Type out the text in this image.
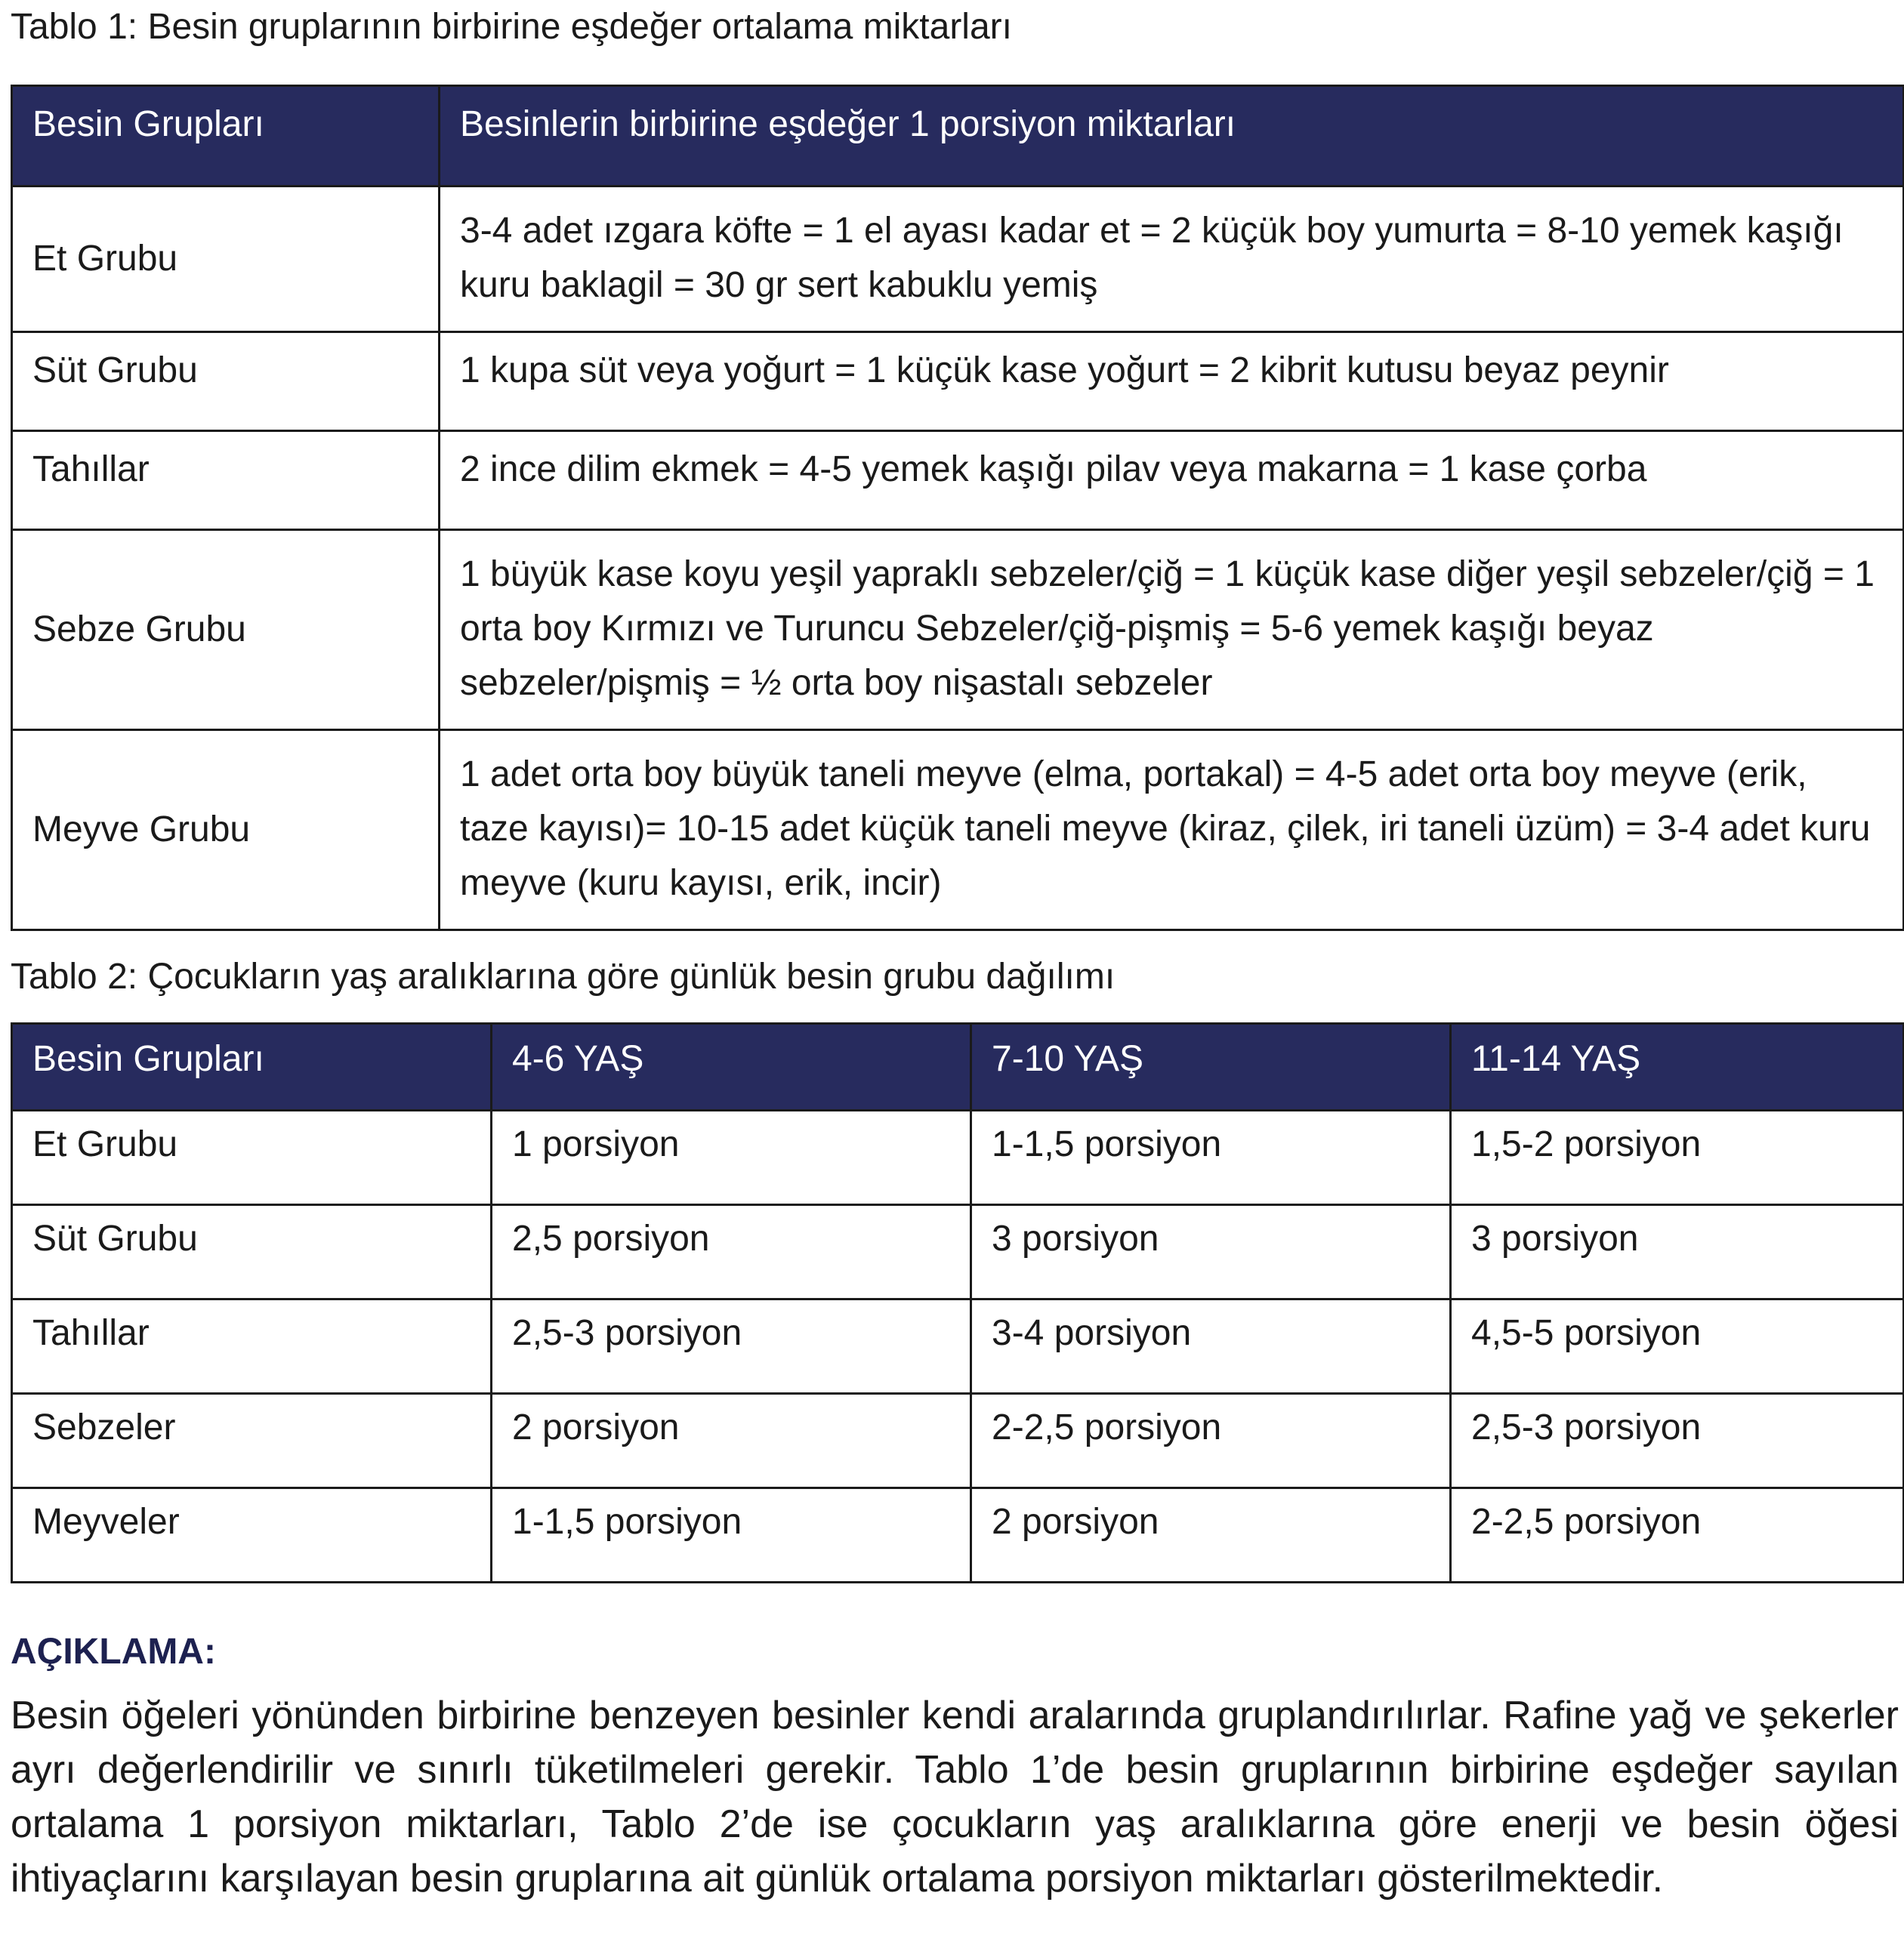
Tablo 1: Besin gruplarının birbirine eşdeğer ortalama miktarları
Besin Grupları	Besinlerin birbirine eşdeğer 1 porsiyon miktarları
Et Grubu	3-4 adet ızgara köfte = 1 el ayası kadar et = 2 küçük boy yumurta = 8-10 yemek kaşığı kuru baklagil = 30 gr sert kabuklu yemiş
Süt Grubu	1 kupa süt veya yoğurt = 1 küçük kase yoğurt = 2 kibrit kutusu beyaz peynir
Tahıllar	2 ince dilim ekmek = 4-5 yemek kaşığı pilav veya makarna = 1 kase çorba
Sebze Grubu	1 büyük kase koyu yeşil yapraklı sebzeler/çiğ = 1 küçük kase diğer yeşil sebzeler/çiğ = 1 orta boy Kırmızı ve Turuncu Sebzeler/çiğ-pişmiş = 5-6 yemek kaşığı beyaz sebzeler/pişmiş = ½ orta boy nişastalı sebzeler
Meyve Grubu	1 adet orta boy büyük taneli meyve (elma, portakal) = 4-5 adet orta boy meyve (erik, taze kayısı)= 10-15 adet küçük taneli meyve (kiraz, çilek, iri taneli üzüm) = 3-4 adet kuru meyve (kuru kayısı, erik, incir)
Tablo 2: Çocukların yaş aralıklarına göre günlük besin grubu dağılımı
Besin Grupları	4-6 YAŞ	7-10 YAŞ	11-14 YAŞ
Et Grubu	1 porsiyon	1-1,5 porsiyon	1,5-2 porsiyon
Süt Grubu	2,5 porsiyon	3 porsiyon	3 porsiyon
Tahıllar	2,5-3 porsiyon	3-4 porsiyon	4,5-5 porsiyon
Sebzeler	2 porsiyon	2-2,5 porsiyon	2,5-3 porsiyon
Meyveler	1-1,5 porsiyon	2 porsiyon	2-2,5 porsiyon
AÇIKLAMA:

Besin öğeleri yönünden birbirine benzeyen besinler kendi aralarında gruplandırılırlar. Rafine yağ ve şekerler ayrı değerlendirilir ve sınırlı tüketilmeleri gerekir. Tablo 1’de besin gruplarının birbirine eşdeğer sayılan ortalama 1 porsiyon miktarları, Tablo 2’de ise çocukların yaş aralıklarına göre enerji ve besin öğesi ihtiyaçlarını karşılayan besin gruplarına ait günlük ortalama porsiyon miktarları gösterilmektedir.
